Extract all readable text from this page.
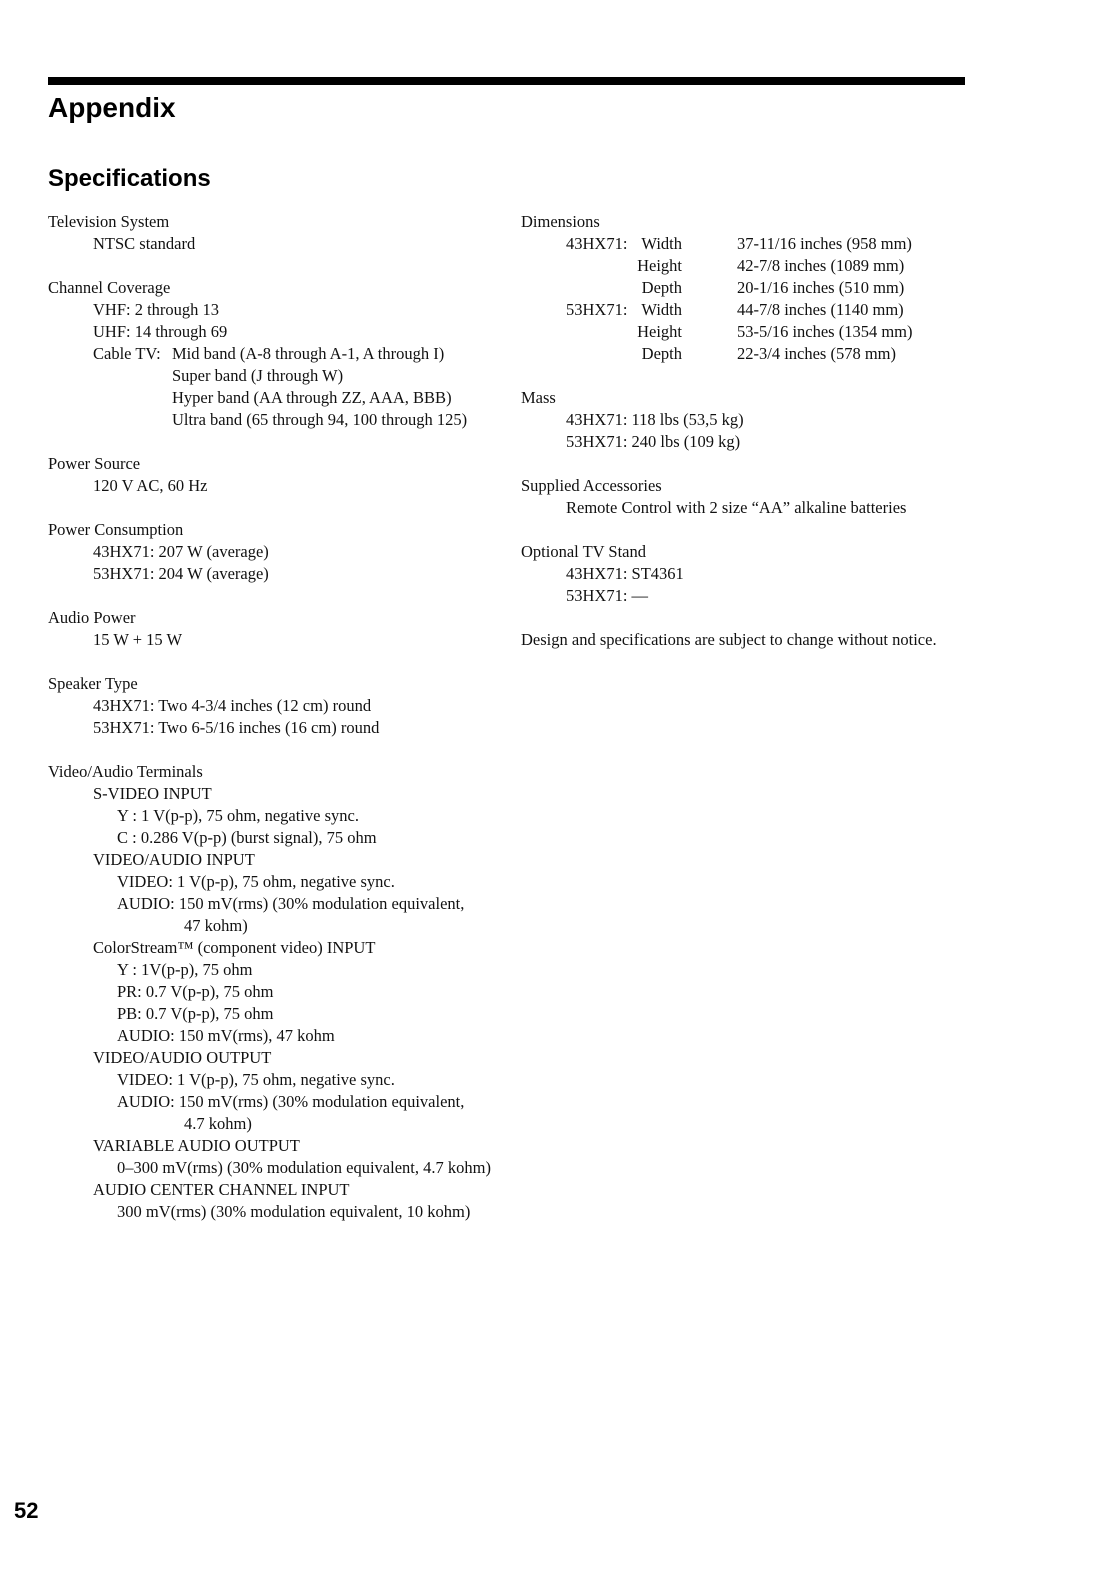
Appendix
Specifications
Television System
NTSC standard
Channel Coverage
VHF: 2 through 13
UHF: 14 through 69
Cable TV: Mid band (A-8 through A-1, A through I)
Super band (J through W)
Hyper band (AA through ZZ, AAA, BBB)
Ultra band (65 through 94, 100 through 125)
Power Source
120 V AC, 60 Hz
Power Consumption
43HX71: 207 W (average)
53HX71: 204 W (average)
Audio Power
15 W + 15 W
Speaker Type
43HX71: Two 4-3/4 inches (12 cm) round
53HX71: Two 6-5/16 inches (16 cm) round
Video/Audio Terminals
S-VIDEO INPUT
Y : 1 V(p-p), 75 ohm, negative sync.
C : 0.286 V(p-p) (burst signal), 75 ohm
VIDEO/AUDIO INPUT
VIDEO: 1 V(p-p), 75 ohm, negative sync.
AUDIO: 150 mV(rms) (30% modulation equivalent,
47 kohm)
ColorStream™ (component video) INPUT
Y : 1V(p-p), 75 ohm
PR: 0.7 V(p-p), 75 ohm
PB: 0.7 V(p-p), 75 ohm
AUDIO: 150 mV(rms), 47 kohm
VIDEO/AUDIO OUTPUT
VIDEO: 1 V(p-p), 75 ohm, negative sync.
AUDIO: 150 mV(rms) (30% modulation equivalent,
4.7 kohm)
VARIABLE AUDIO OUTPUT
0–300 mV(rms) (30% modulation equivalent, 4.7 kohm)
AUDIO CENTER CHANNEL INPUT
300 mV(rms) (30% modulation equivalent, 10 kohm)
Dimensions
43HX71: Width	37-11/16 inches (958 mm)
Height	42-7/8 inches (1089 mm)
Depth	20-1/16 inches (510 mm)
53HX71: Width	44-7/8 inches (1140 mm)
Height	53-5/16 inches (1354 mm)
Depth	22-3/4 inches (578 mm)
Mass
43HX71: 118 lbs (53,5 kg)
53HX71: 240 lbs (109 kg)
Supplied Accessories
Remote Control with 2 size “AA” alkaline batteries
Optional TV Stand
43HX71: ST4361
53HX71: —
Design and specifications are subject to change without notice.
52
